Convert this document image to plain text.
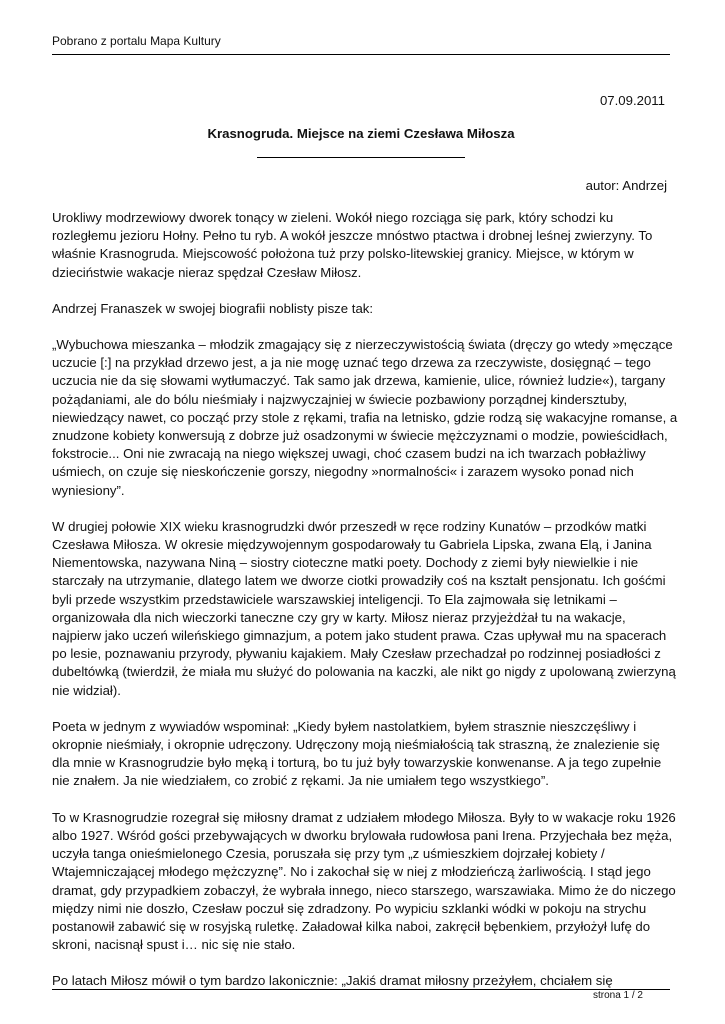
Pobrano z portalu Mapa Kultury
07.09.2011
Krasnogruda. Miejsce na ziemi Czesława Miłosza
autor: Andrzej

Urokliwy modrzewiowy dworek tonący w zieleni. Wokół niego rozciąga się park, który schodzi ku rozległemu jezioru Hołny. Pełno tu ryb. A wokół jeszcze mnóstwo ptactwa i drobnej leśnej zwierzyny. To właśnie Krasnogruda. Miejscowość położona tuż przy polsko-litewskiej granicy. Miejsce, w którym w dzieciństwie wakacje nieraz spędzał Czesław Miłosz.

Andrzej Franaszek w swojej biografii noblisty pisze tak:

„Wybuchowa mieszanka – młodzik zmagający się z nierzeczywistością świata (dręczy go wtedy »męczące uczucie [:] na przykład drzewo jest, a ja nie mogę uznać tego drzewa za rzeczywiste, dosięgnąć – tego uczucia nie da się słowami wytłumaczyć. Tak samo jak drzewa, kamienie, ulice, również ludzie«), targany pożądaniami, ale do bólu nieśmiały i najzwyczajniej w świecie pozbawiony porządnej kindersztuby, niewiedzący nawet, co począć przy stole z rękami, trafia na letnisko, gdzie rodzą się wakacyjne romanse, a znudzone kobiety konwersują z dobrze już osadzonymi w świecie mężczyznami o modzie, powieścidłach, fokstrocie... Oni nie zwracają na niego większej uwagi, choć czasem budzi na ich twarzach pobłażliwy uśmiech, on czuje się nieskończenie gorszy, niegodny »normalności« i zarazem wysoko ponad nich wyniesiony”.

W drugiej połowie XIX wieku krasnogrudzki dwór przeszedł w ręce rodziny Kunatów – przodków matki Czesława Miłosza. W okresie międzywojennym gospodarowały tu Gabriela Lipska, zwana Elą, i Janina Niementowska, nazywana Niną – siostry cioteczne matki poety. Dochody z ziemi były niewielkie i nie starczały na utrzymanie, dlatego latem we dworze ciotki prowadziły coś na kształt pensjonatu. Ich gośćmi byli przede wszystkim przedstawiciele warszawskiej inteligencji. To Ela zajmowała się letnikami – organizowała dla nich wieczorki taneczne czy gry w karty. Miłosz nieraz przyjeżdżał tu na wakacje, najpierw jako uczeń wileńskiego gimnazjum, a potem jako student prawa. Czas upływał mu na spacerach po lesie, poznawaniu przyrody, pływaniu kajakiem. Mały Czesław przechadzał po rodzinnej posiadłości z dubeltówką (twierdził, że miała mu służyć do polowania na kaczki, ale nikt go nigdy z upolowaną zwierzyną nie widział).

Poeta w jednym z wywiadów wspominał: „Kiedy byłem nastolatkiem, byłem strasznie nieszczęśliwy i okropnie nieśmiały, i okropnie udręczony. Udręczony moją nieśmiałością tak straszną, że znalezienie się dla mnie w Krasnogrudzie było męką i torturą, bo tu już były towarzyskie konwenanse. A ja tego zupełnie nie znałem. Ja nie wiedziałem, co zrobić z rękami. Ja nie umiałem tego wszystkiego”.

To w Krasnogrudzie rozegrał się miłosny dramat z udziałem młodego Miłosza. Były to w wakacje roku 1926 albo 1927. Wśród gości przebywających w dworku brylowała rudowłosa pani Irena. Przyjechała bez męża, uczyła tanga onieśmielonego Czesia, poruszała się przy tym „z uśmieszkiem dojrzałej kobiety / Wtajemniczającej młodego mężczyznę”. No i zakochał się w niej z młodzieńczą żarliwością. I stąd jego dramat, gdy przypadkiem zobaczył, że wybrała innego, nieco starszego, warszawiaka. Mimo że do niczego między nimi nie doszło, Czesław poczuł się zdradzony. Po wypiciu szklanki wódki w pokoju na strychu postanowił zabawić się w rosyjską ruletkę. Załadował kilka naboi, zakręcił bębenkiem, przyłożył lufę do skroni, nacisnął spust i… nic się nie stało.

Po latach Miłosz mówił o tym bardzo lakonicznie: „Jakiś dramat miłosny przeżyłem, chciałem się

strona 1 / 2
